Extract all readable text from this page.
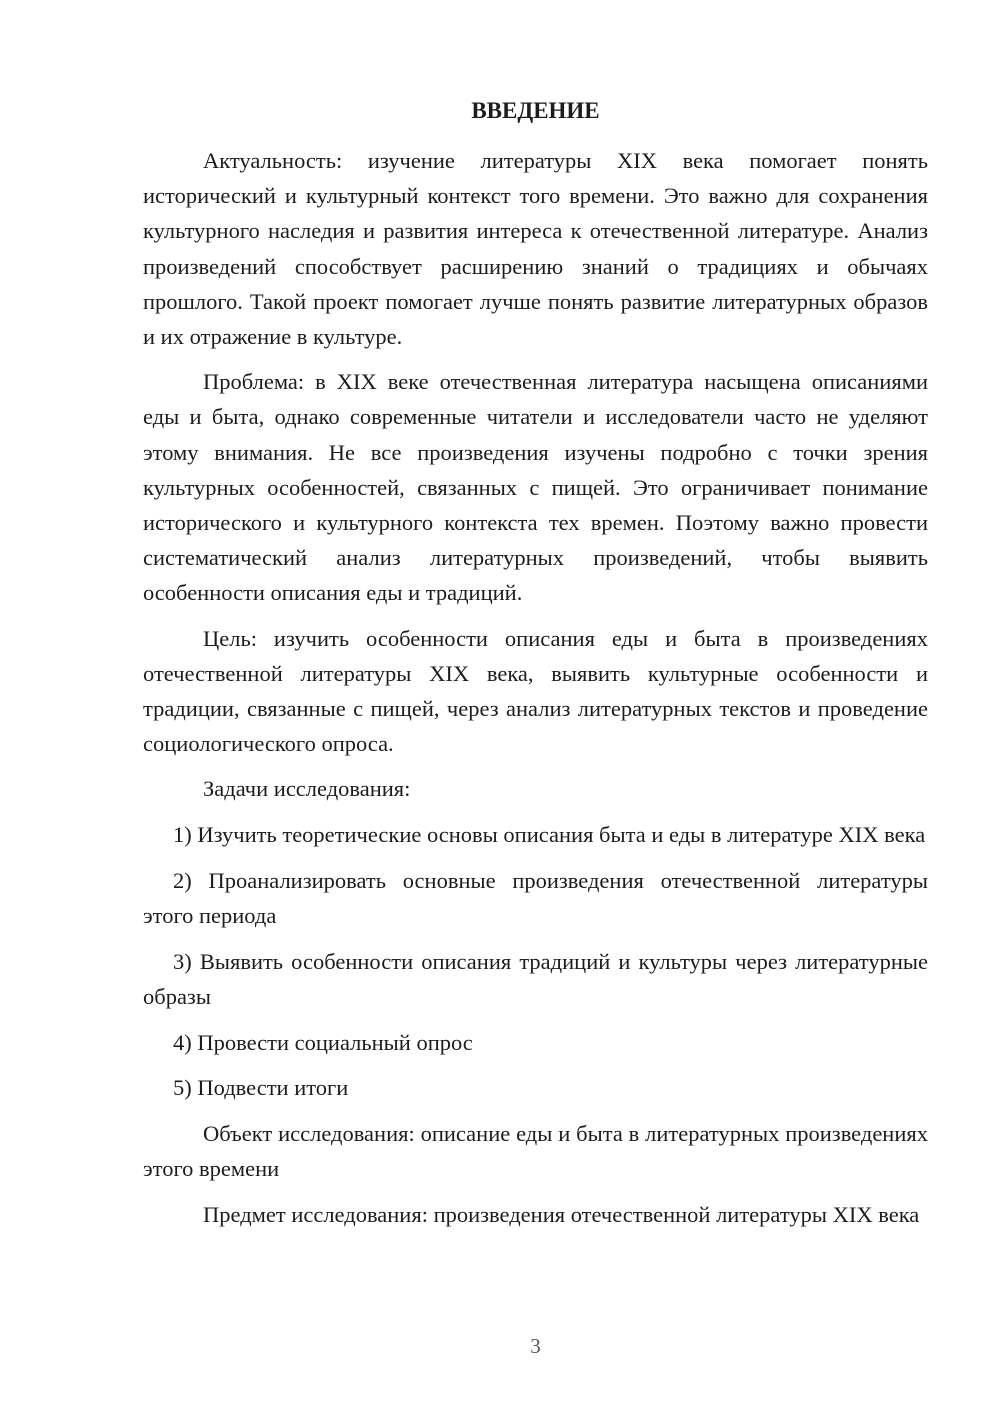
ВВЕДЕНИЕ

Актуальность: изучение литературы XIX века помогает понять исторический и культурный контекст того времени. Это важно для сохранения культурного наследия и развития интереса к отечественной литературе. Анализ произведений способствует расширению знаний о традициях и обычаях прошлого. Такой проект помогает лучше понять развитие литературных образов и их отражение в культуре.

Проблема: в XIX веке отечественная литература насыщена описаниями еды и быта, однако современные читатели и исследователи часто не уделяют этому внимания. Не все произведения изучены подробно с точки зрения культурных особенностей, связанных с пищей. Это ограничивает понимание исторического и культурного контекста тех времен. Поэтому важно провести систематический анализ литературных произведений, чтобы выявить особенности описания еды и традиций.

Цель: изучить особенности описания еды и быта в произведениях отечественной литературы XIX века, выявить культурные особенности и традиции, связанные с пищей, через анализ литературных текстов и проведение социологического опроса.

Задачи исследования:

1) Изучить теоретические основы описания быта и еды в литературе XIX века

2) Проанализировать основные произведения отечественной литературы этого периода

3) Выявить особенности описания традиций и культуры через литературные образы

4) Провести социальный опрос

5) Подвести итоги

Объект исследования: описание еды и быта в литературных произведениях этого времени

Предмет исследования: произведения отечественной литературы XIX века

3
